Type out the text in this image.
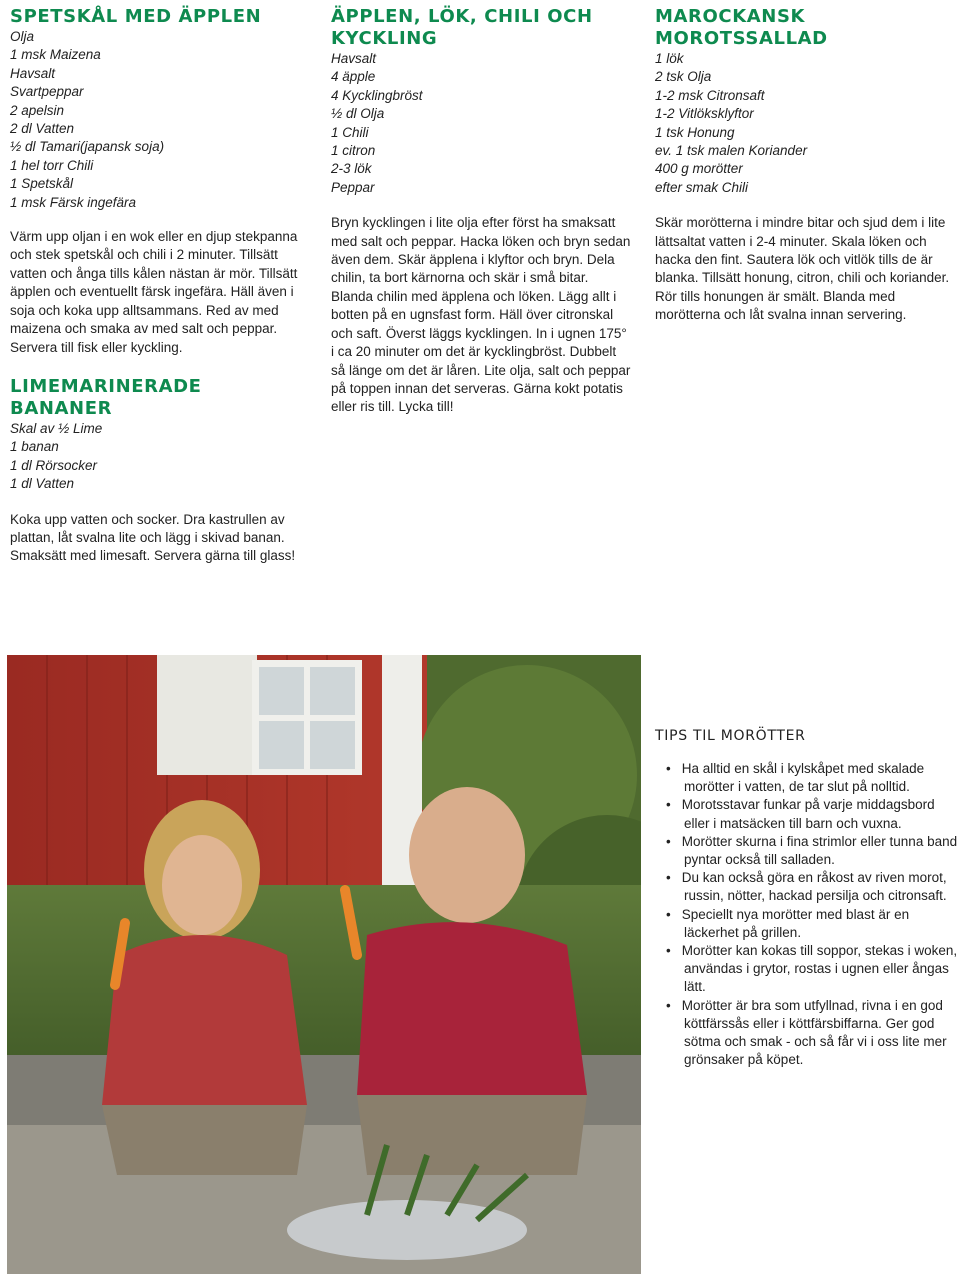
SPETSKÅL MED ÄPPLEN
Olja
1 msk Maizena
Havsalt
Svartpeppar
2 apelsin
2 dl Vatten
½ dl Tamari(japansk soja)
1 hel torr Chili
1 Spetskål
1 msk Färsk ingefära

Värm upp oljan i en wok eller en djup stekpanna och stek spetskål och chili i 2 minuter. Tillsätt vatten och ånga tills kålen nästan är mör. Tillsätt äpplen och eventuellt färsk ingefära. Häll även i soja och koka upp alltsammans. Red av med maizena och smaka av med salt och peppar. Servera till fisk eller kyckling.

LIMEMARINERADE BANANER
Skal av ½ Lime
1 banan
1 dl Rörsocker
1 dl Vatten

Koka upp vatten och socker. Dra kastrullen av plattan, låt svalna lite och lägg i skivad banan. Smaksätt med limesaft. Servera gärna till glass!

ÄPPLEN, LÖK, CHILI OCH KYCKLING
Havsalt
4 äpple
4 Kycklingbröst
½ dl Olja
1 Chili
1 citron
2-3 lök
Peppar

Bryn kycklingen i lite olja efter först ha smaksatt med salt och peppar. Hacka löken och bryn sedan även dem. Skär äpplena i klyftor och bryn. Dela chilin, ta bort kärnorna och skär i små bitar. Blanda chilin med äpplena och löken. Lägg allt i botten på en ugnsfast form. Häll över citronskal och saft. Överst läggs kycklingen. In i ugnen 175° i ca 20 minuter om det är kycklingbröst. Dubbelt så länge om det är låren. Lite olja, salt och peppar på toppen innan det serveras. Gärna kokt potatis eller ris till. Lycka till!

MAROCKANSK MOROTSSALLAD
1 lök
2 tsk Olja
1-2 msk Citronsaft
1-2 Vitlöksklyftor
1 tsk Honung
ev. 1 tsk malen Koriander
400 g morötter
efter smak Chili

Skär morötterna i mindre bitar och sjud dem i lite lättsaltat vatten i 2-4 minuter. Skala löken och hacka den fint. Sautera lök och vitlök tills de är blanka. Tillsätt honung, citron, chili och koriander. Rör tills honungen är smält. Blanda med morötterna och låt svalna innan servering.

TIPS TIL MORÖTTER
• Ha alltid en skål i kylskåpet med skalade morötter i vatten, de tar slut på nolltid.
• Morotsstavar funkar på varje middagsbord eller i matsäcken till barn och vuxna.
• Morötter skurna i fina strimlor eller tunna band pyntar också till salladen.
• Du kan också göra en råkost av riven morot, russin, nötter, hackad persilja och citronsaft.
• Speciellt nya morötter med blast är en läckerhet på grillen.
• Morötter kan kokas till soppor, stekas i woken, användas i grytor, rostas i ugnen eller ångas lätt.
• Morötter är bra som utfyllnad, rivna i en god köttfärssås eller i köttfärsbiffarna. Ger god sötma och smak - och så får vi i oss lite mer grönsaker på köpet.
